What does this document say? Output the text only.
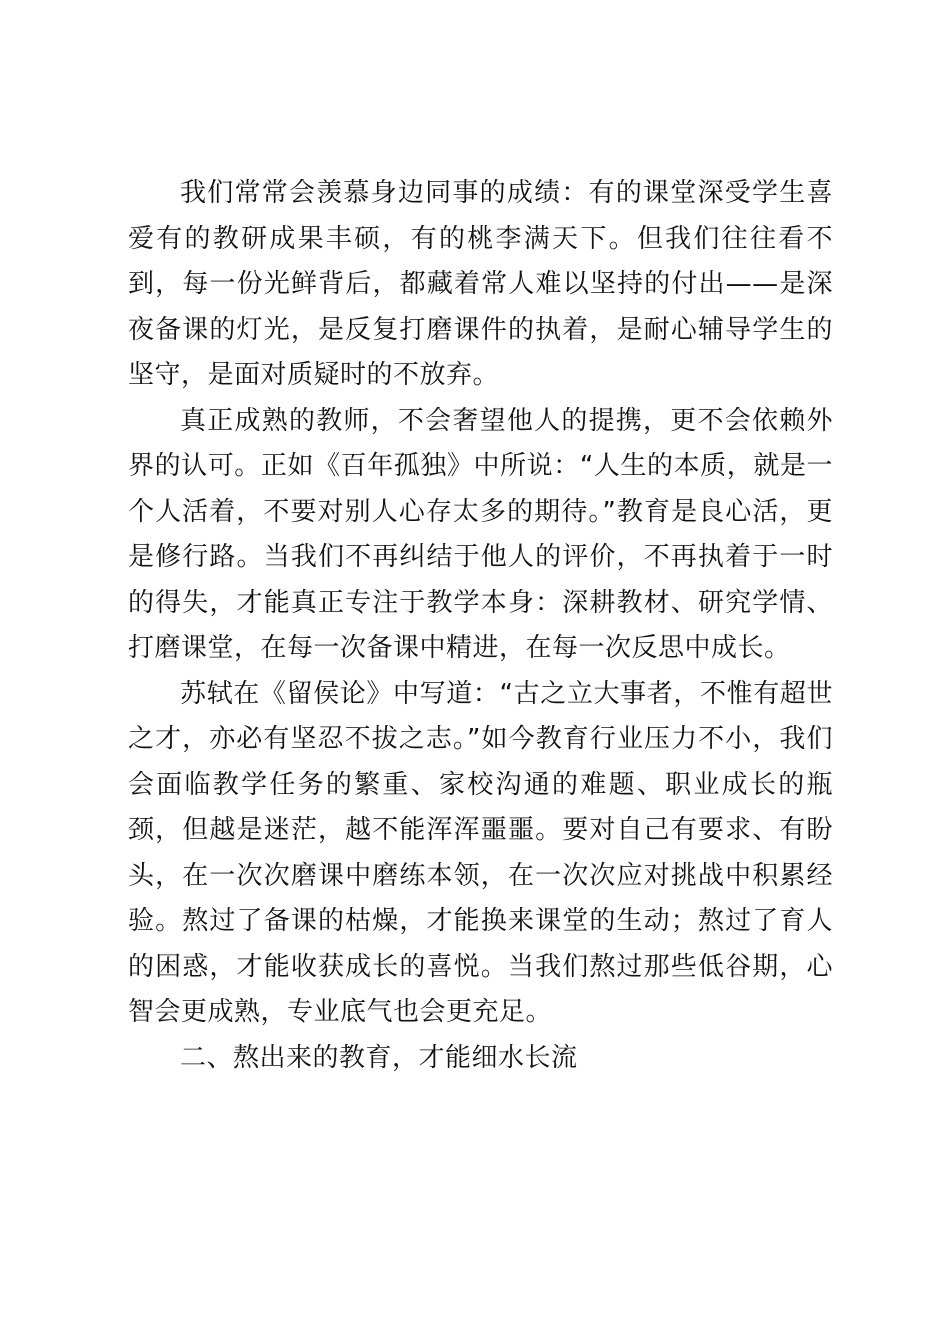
我们常常会羡慕身边同事的成绩：有的课堂深受学生喜爱有的教研成果丰硕，有的桃李满天下。但我们往往看不到，每一份光鲜背后，都藏着常人难以坚持的付出——是深夜备课的灯光，是反复打磨课件的执着，是耐心辅导学生的坚守，是面对质疑时的不放弃。

真正成熟的教师，不会奢望他人的提携，更不会依赖外界的认可。正如《百年孤独》中所说：“人生的本质，就是一个人活着，不要对别人心存太多的期待。”教育是良心活，更是修行路。当我们不再纠结于他人的评价，不再执着于一时的得失，才能真正专注于教学本身：深耕教材、研究学情、打磨课堂，在每一次备课中精进，在每一次反思中成长。

苏轼在《留侯论》中写道：“古之立大事者，不惟有超世之才，亦必有坚忍不拔之志。”如今教育行业压力不小，我们会面临教学任务的繁重、家校沟通的难题、职业成长的瓶颈，但越是迷茫，越不能浑浑噩噩。要对自己有要求、有盼头，在一次次磨课中磨练本领，在一次次应对挑战中积累经验。熬过了备课的枯燥，才能换来课堂的生动；熬过了育人的困惑，才能收获成长的喜悦。当我们熬过那些低谷期，心智会更成熟，专业底气也会更充足。

二、熬出来的教育，才能细水长流
